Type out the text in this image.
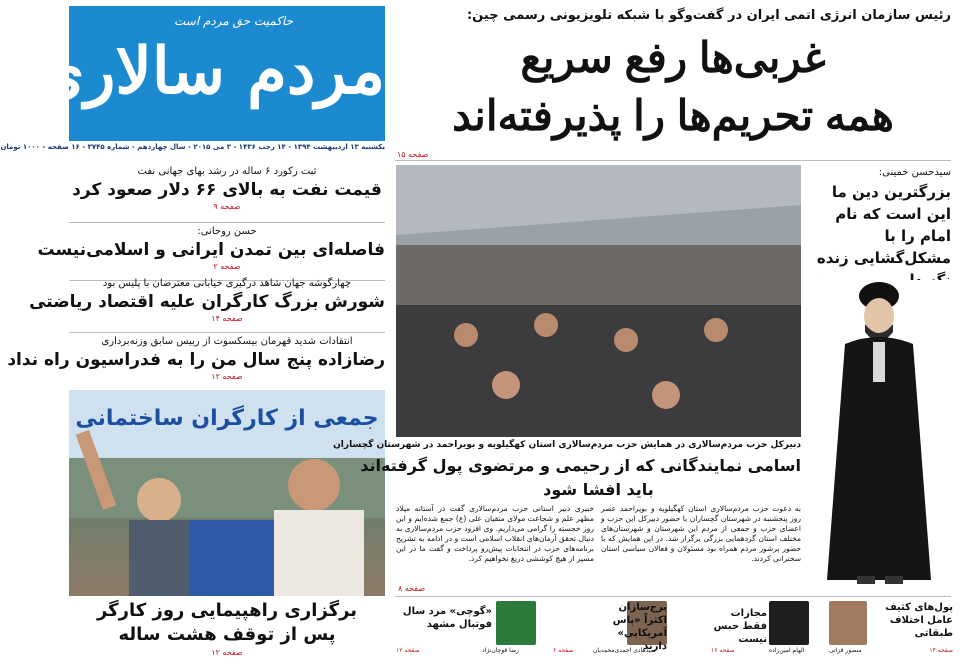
حاکمیت حق مردم است
مردم سالاری
یکشنبه ۱۳ اردیبهشت ۱۳۹۴ - ۱۴ رجب ۱۴۳۶ - ۳ می ۲۰۱۵ - سال چهاردهم - شماره ۳۷۴۵ - ۱۶ صفحه - ۱۰۰۰ تومان
رئیس سازمان انرژی اتمی ایران در گفت‌وگو با شبکه تلویزیونی رسمی چین:
غربی‌ها رفع سریع
همه تحریم‌ها را پذیرفته‌اند
صفحه ۱۵
ثبت رکورد ۶ ساله در رشد بهای جهانی نفت
قیمت نفت به بالای ۶۶ دلار صعود کرد
صفحه ۹
حسن روحانی:
فاصله‌ای بین تمدن ایرانی و اسلامی‌نیست
صفحه ۲
چهارگوشه جهان شاهد درگیری خیابانی معترضان با پلیس بود
شورش بزرگ کارگران علیه اقتصاد ریاضتی
صفحه ۱۴
انتقادات شدید قهرمان بیسکسوت از رییس سابق وزنه‌برداری
رضازاده پنج سال من را به فدراسیون راه نداد
صفحه ۱۲
جمعی از کارگران ساختمانی
برگزاری راهپیمایی روز کارگر
پس از توقف هشت ساله
صفحه ۱۲
دبیرکل حزب مردم‌سالاری در همایش حزب مردم‌سالاری استان کهگیلویه و بویراحمد در شهرستان گچساران
اسامی نمایندگانی که از رحیمی و مرتضوی پول گرفته‌اند
باید افشا شود
به دعوت حزب مردم‌سالاری استان کهگیلویه و بویراحمد عصر روز پنجشنبه در شهرستان گچساران با حضور دبیرکل این حزب و اعضای حزب و جمعی از مردم این شهرستان و شهرستان‌های مختلف استان گردهمایی بزرگی برگزار شد. در این همایش که با حضور پرشور مردم همراه بود مسئولان و فعالان سیاسی استان سخنرانی کردند.
خبیری دبیر استانی حزب مردم‌سالاری گفت در آستانه میلاد مظهر علم و شجاعت مولای متقیان علی (ع) جمع شده‌ایم و این روز خجسته را گرامی می‌داریم. وی افزود حزب مردم‌سالاری به دنبال تحقق آرمان‌های انقلاب اسلامی است و در ادامه به تشریح برنامه‌های حزب در انتخابات پیش‌رو پرداخت و گفت ما در این مسیر از هیچ کوششی دریغ نخواهیم کرد.
صفحه ۸
سیدحسن خمینی:
بزرگترین دین ما این است که نام امام را با مشکل‌گشایی زنده
پول‌های کثیف عامل اختلاف طبقاتی
منصور قزاتی	صفحه ۱۴
مجازات فقط حبس نیست
الهام امین‌زاده
صفحه ۱۶
برج‌سازان اکثراً «پاس آمریکایی» دارند
سیدهادی احمدی‌محمدیان
صفحه ۶
«گوچی» مرد سال فوتبال مشهد
رضا قوچان‌نژاد
صفحه ۱۲
